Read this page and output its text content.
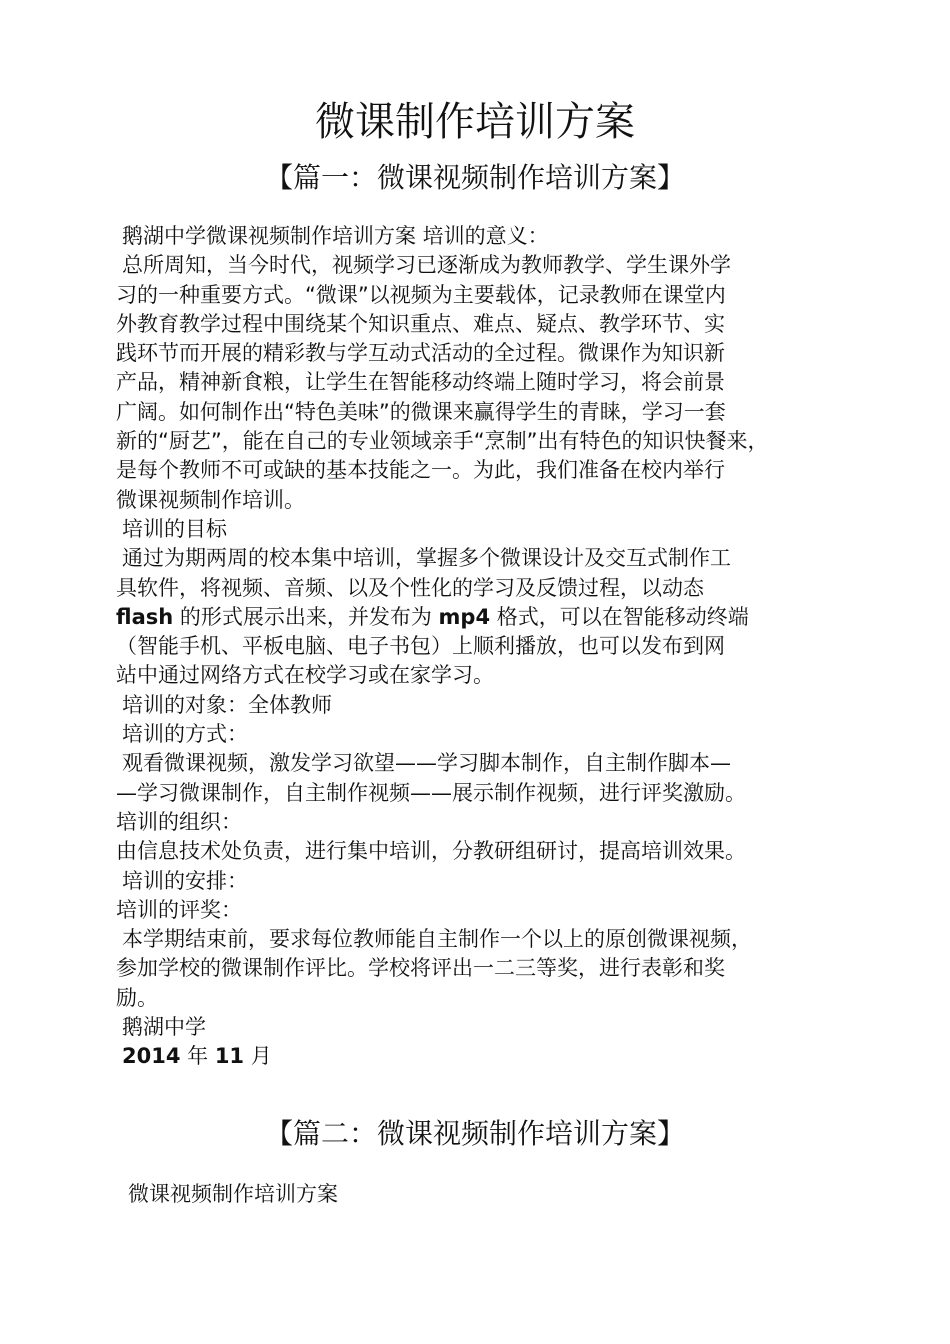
微课制作培训方案
【篇一：微课视频制作培训方案】
鹅湖中学微课视频制作培训方案 培训的意义：
总所周知，当今时代，视频学习已逐渐成为教师教学、学生课外学
习的一种重要方式。“微课”以视频为主要载体，记录教师在课堂内
外教育教学过程中围绕某个知识重点、难点、疑点、教学环节、实
践环节而开展的精彩教与学互动式活动的全过程。微课作为知识新
产品，精神新食粮，让学生在智能移动终端上随时学习，将会前景
广阔。如何制作出“特色美味”的微课来赢得学生的青睐，学习一套
新的“厨艺”，能在自己的专业领域亲手“烹制”出有特色的知识快餐来，
是每个教师不可或缺的基本技能之一。为此，我们准备在校内举行
微课视频制作培训。
培训的目标
通过为期两周的校本集中培训，掌握多个微课设计及交互式制作工
具软件，将视频、音频、以及个性化的学习及反馈过程，以动态
flash 的形式展示出来，并发布为 mp4 格式，可以在智能移动终端
（智能手机、平板电脑、电子书包）上顺利播放，也可以发布到网
站中通过网络方式在校学习或在家学习。
培训的对象：全体教师
培训的方式：
观看微课视频，激发学习欲望——学习脚本制作，自主制作脚本—
—学习微课制作，自主制作视频——展示制作视频，进行评奖激励。
培训的组织：
由信息技术处负责，进行集中培训，分教研组研讨，提高培训效果。
培训的安排：
培训的评奖：
本学期结束前，要求每位教师能自主制作一个以上的原创微课视频，
参加学校的微课制作评比。学校将评出一二三等奖，进行表彰和奖
励。
鹅湖中学
2014 年 11 月
【篇二：微课视频制作培训方案】
微课视频制作培训方案
